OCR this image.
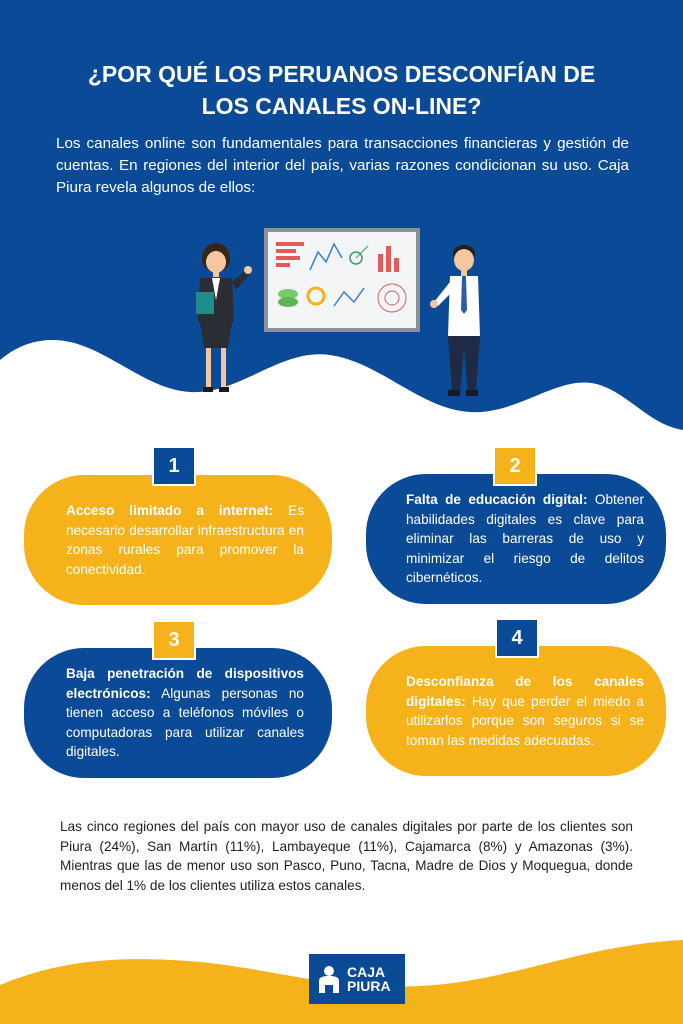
¿POR QUÉ LOS PERUANOS DESCONFÍAN DE
LOS CANALES ON-LINE?

Los canales online son fundamentales para transacciones financieras y gestión de cuentas. En regiones del interior del país, varias razones condicionan su uso. Caja Piura revela algunos de ellos:

Acceso limitado a internet: Es necesario desarrollar infraestructura en zonas rurales para promover la conectividad.

1

Falta de educación digital: Obtener habilidades digitales es clave para eliminar las barreras de uso y minimizar el riesgo de delitos cibernéticos.

2

Baja penetración de dispositivos electrónicos: Algunas personas no tienen acceso a teléfonos móviles o computadoras para utilizar canales digitales.

3

Desconfianza de los canales digitales: Hay que perder el miedo a utilizarlos porque son seguros si se toman las medidas adecuadas.

4

Las cinco regiones del país con mayor uso de canales digitales por parte de los clientes son Piura (24%), San Martín (11%), Lambayeque (11%), Cajamarca (8%) y Amazonas (3%). Mientras que las de menor uso son Pasco, Puno, Tacna, Madre de Dios y Moquegua, donde menos del 1% de los clientes utiliza estos canales.

CAJA
PIURA
